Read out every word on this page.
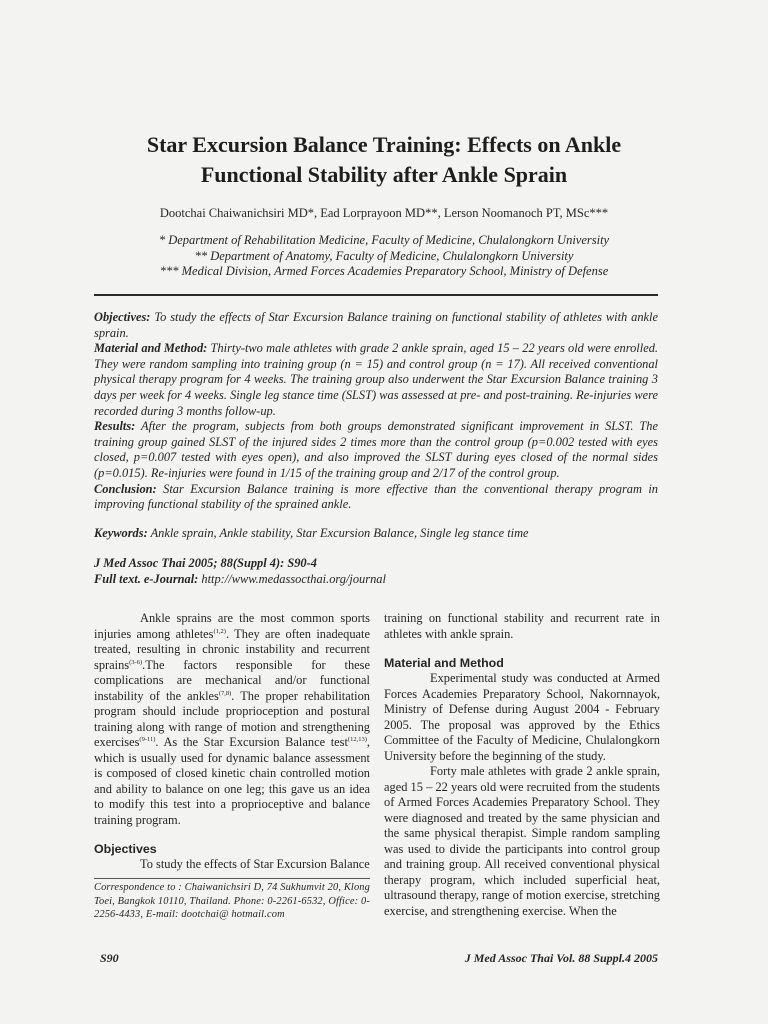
Star Excursion Balance Training: Effects on Ankle
Functional Stability after Ankle Sprain
Dootchai Chaiwanichsiri MD*, Ead Lorprayoon MD**, Lerson Noomanoch PT, MSc***
* Department of Rehabilitation Medicine, Faculty of Medicine, Chulalongkorn University
** Department of Anatomy, Faculty of Medicine, Chulalongkorn University
*** Medical Division, Armed Forces Academies Preparatory School, Ministry of Defense

Objectives: To study the effects of Star Excursion Balance training on functional stability of athletes with ankle sprain.

Material and Method: Thirty-two male athletes with grade 2 ankle sprain, aged 15 – 22 years old were enrolled. They were random sampling into training group (n = 15) and control group (n = 17). All received conventional physical therapy program for 4 weeks. The training group also underwent the Star Excursion Balance training 3 days per week for 4 weeks. Single leg stance time (SLST) was assessed at pre- and post-training. Re-injuries were recorded during 3 months follow-up.

Results: After the program, subjects from both groups demonstrated significant improvement in SLST. The training group gained SLST of the injured sides 2 times more than the control group (p=0.002 tested with eyes closed, p=0.007 tested with eyes open), and also improved the SLST during eyes closed of the normal sides (p=0.015). Re-injuries were found in 1/15 of the training group and 2/17 of the control group.

Conclusion: Star Excursion Balance training is more effective than the conventional therapy program in improving functional stability of the sprained ankle.

Keywords: Ankle sprain, Ankle stability, Star Excursion Balance, Single leg stance time
J Med Assoc Thai 2005; 88(Suppl 4): S90-4
Full text. e-Journal: http://www.medassocthai.org/journal

Ankle sprains are the most common sports injuries among athletes$^{(1,2)}$. They are often inadequate treated, resulting in chronic instability and recurrent sprains$^{(3-6)}$.The factors responsible for these complications are mechanical and/or functional instability of the ankles$^{(7,8)}$. The proper rehabilitation program should include proprioception and postural training along with range of motion and strengthening exercises$^{(9-11)}$. As the Star Excursion Balance test$^{(12,13)}$, which is usually used for dynamic balance assessment is composed of closed kinetic chain controlled motion and ability to balance on one leg; this gave us an idea to modify this test into a proprioceptive and balance training program.

Objectives

To study the effects of Star Excursion Balance

training on functional stability and recurrent rate in athletes with ankle sprain.

Material and Method

Experimental study was conducted at Armed Forces Academies Preparatory School, Nakornnayok, Ministry of Defense during August 2004 - February 2005. The proposal was approved by the Ethics Committee of the Faculty of Medicine, Chulalongkorn University before the beginning of the study.

Forty male athletes with grade 2 ankle sprain, aged 15 – 22 years old were recruited from the students of Armed Forces Academies Preparatory School. They were diagnosed and treated by the same physician and the same physical therapist. Simple random sampling was used to divide the participants into control group and training group. All received conventional physical therapy program, which included superficial heat, ultrasound therapy, range of motion exercise, stretching exercise, and strengthening exercise. When the

Correspondence to : Chaiwanichsiri D, 74 Sukhumvit 20, Klong Toei, Bangkok 10110, Thailand. Phone: 0-2261-6532, Office: 0-2256-4433, E-mail: dootchai@ hotmail.com
S90	J Med Assoc Thai Vol. 88 Suppl.4 2005
